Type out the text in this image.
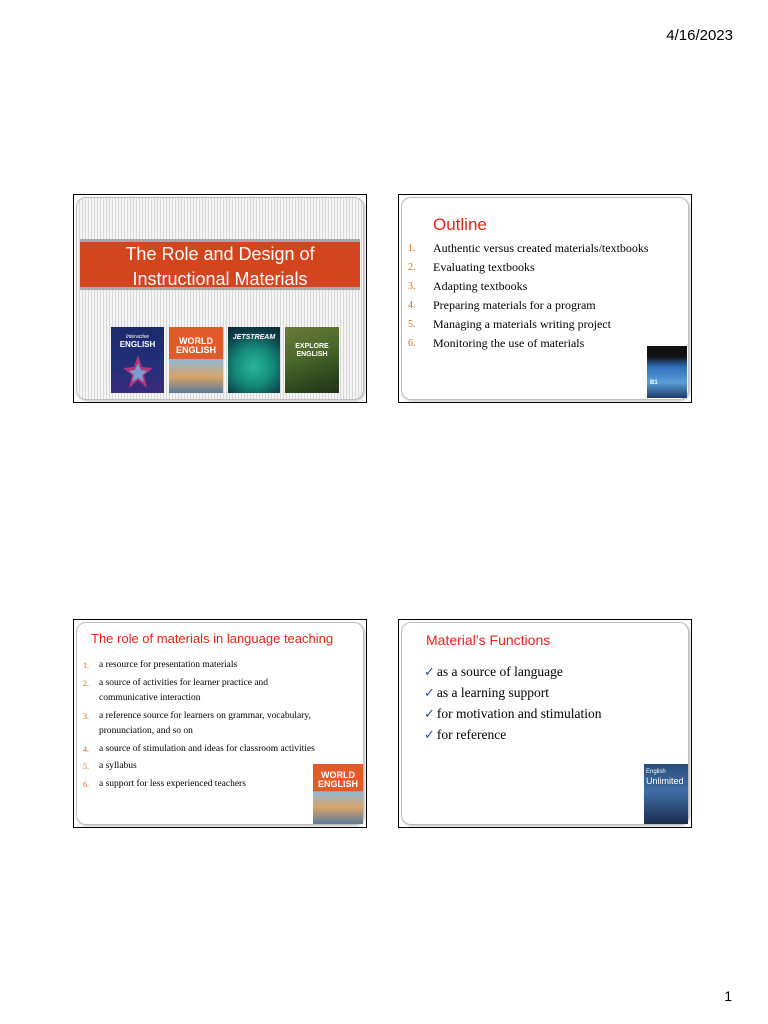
4/16/2023
The Role and Design of
Instructional Materials
Interactive
ENGLISH	WORLD ENGLISH
JETSTREAM
EXPLORE ENGLISH
Outline
1. Authentic versus created materials/textbooks
2. Evaluating textbooks
3. Adapting textbooks
4. Preparing materials for a program
5. Managing a materials writing project
6. Monitoring the use of materials
B1
The role of materials in language teaching
1. a resource for presentation materials
2. a source of activities for learner practice and communicative interaction
3. a reference source for learners on grammar, vocabulary, pronunciation, and so on
4. a source of stimulation and ideas for classroom activities
5. a syllabus
6. a support for less experienced teachers
WORLD ENGLISH
Material’s Functions
✓ as a source of language
✓ as a learning support
✓ for motivation and stimulation
✓ for reference
English
Unlimited
1
